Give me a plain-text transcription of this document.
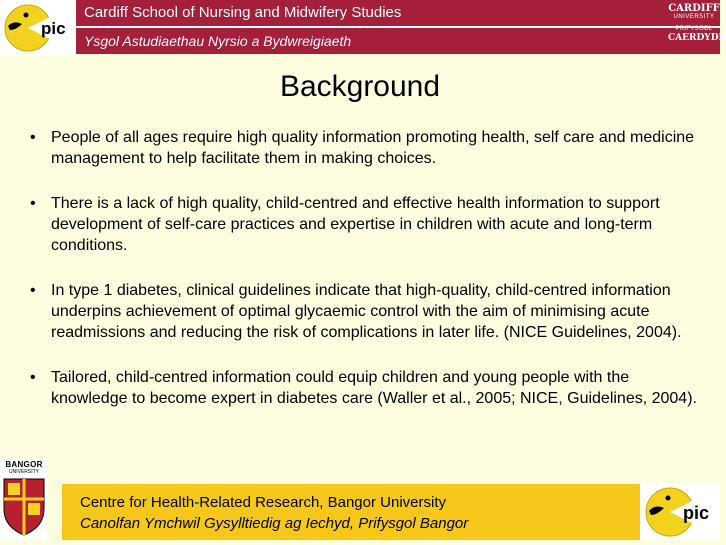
pic
Cardiff School of Nursing and Midwifery Studies
Ysgol Astudiaethau Nyrsio a Bydwreigiaeth
CARDIFF
UNIVERSITY
PRIFYSGOL
CAERDYDD
Background
• People of all ages require high quality information promoting health, self care and medicine management to help facilitate them in making choices.
• There is a lack of high quality, child-centred and effective health information to support development of self-care practices and expertise in children with acute and long-term conditions.
• In type 1 diabetes, clinical guidelines indicate that high-quality, child-centred information underpins achievement of optimal glycaemic control with the aim of minimising acute readmissions and reducing the risk of complications in later life. (NICE Guidelines, 2004).
• Tailored, child-centred information could equip children and young people with the knowledge to become expert in diabetes care (Waller et al., 2005; NICE, Guidelines, 2004).
BANGOR
UNIVERSITY
Centre for Health-Related Research, Bangor University
Canolfan Ymchwil Gysylltiedig ag Iechyd, Prifysgol Bangor
pic
